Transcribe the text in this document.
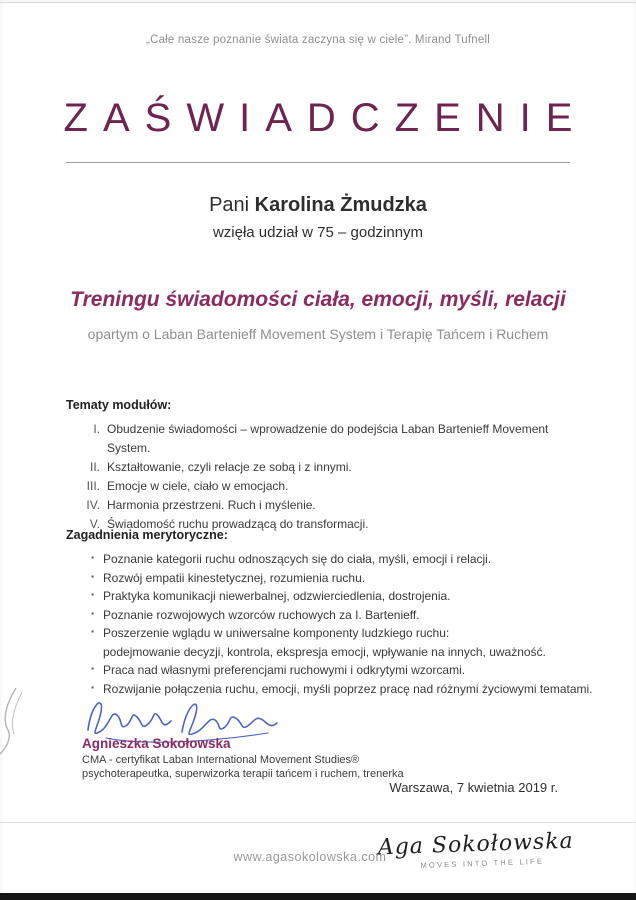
„Całe nasze poznanie świata zaczyna się w ciele”. Mirand Tufnell
ZAŚWIADCZENIE
Pani Karolina Żmudzka
wzięła udział w 75 – godzinnym
Treningu świadomości ciała, emocji, myśli, relacji
opartym o Laban Bartenieff Movement System i Terapię Tańcem i Ruchem
Tematy modułów:
I. Obudzenie świadomości – wprowadzenie do podejścia Laban Bartenieff Movement System.
II. Kształtowanie, czyli relacje ze sobą i z innymi.
III. Emocje w ciele, ciało w emocjach.
IV. Harmonia przestrzeni. Ruch i myślenie.
V. Świadomość ruchu prowadzącą do transformacji.
Zagadnienia merytoryczne:
▪ Poznanie kategorii ruchu odnoszących się do ciała, myśli, emocji i relacji.
▪ Rozwój empatii kinestetycznej, rozumienia ruchu.
▪ Praktyka komunikacji niewerbalnej, odzwierciedlenia, dostrojenia.
▪ Poznanie rozwojowych wzorców ruchowych za I. Bartenieff.
▪ Poszerzenie wglądu w uniwersalne komponenty ludzkiego ruchu:
podejmowanie decyzji, kontrola, ekspresja emocji, wpływanie na innych, uważność.
▪ Praca nad własnymi preferencjami ruchowymi i odkrytymi wzorcami.
▪ Rozwijanie połączenia ruchu, emocji, myśli poprzez pracę nad różnymi życiowymi tematami.
Agnieszka Sokołowska
CMA - certyfikat Laban International Movement Studies®
psychoterapeutka, superwizorka terapii tańcem i ruchem, trenerka
Warszawa, 7 kwietnia 2019 r.
www.agasokolowska.com
Aga Sokołowska
MOVES INTO THE LIFE
